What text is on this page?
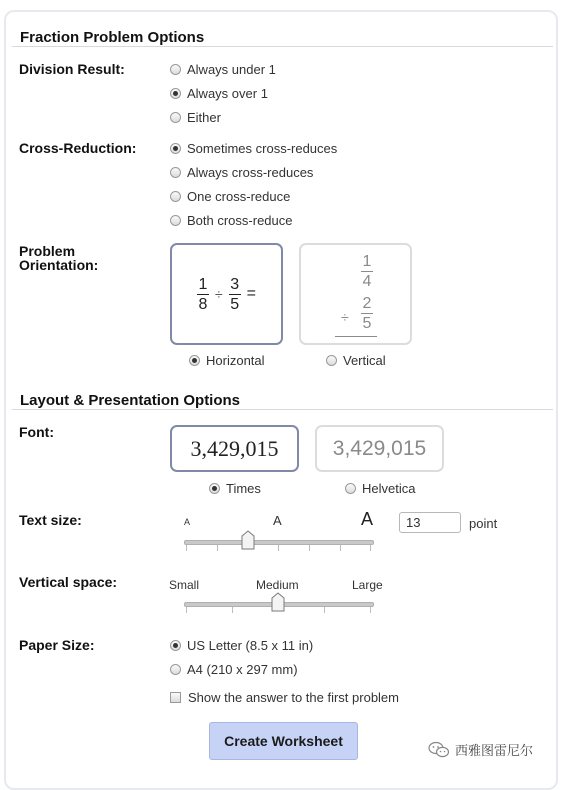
Fraction Problem Options
Division Result:	Always under 1
Always over 1
Either
Cross-Reduction:	Sometimes cross-reduces
Always cross-reduces
One cross-reduce
Both cross-reduce
Problem
Orientation:
$\frac{1}{8} \div \frac{3}{5}$ =
1
4
÷
2
5
Horizontal	Vertical
Layout & Presentation Options
Font:
3,429,015	3,429,015
Times	Helvetica
Text size:	A	A	A	13	point
Vertical space:	Small	Medium	Large
Paper Size:	US Letter (8.5 x 11 in)
A4 (210 x 297 mm)
Show the answer to the first problem
Create Worksheet
西雅图雷尼尔
